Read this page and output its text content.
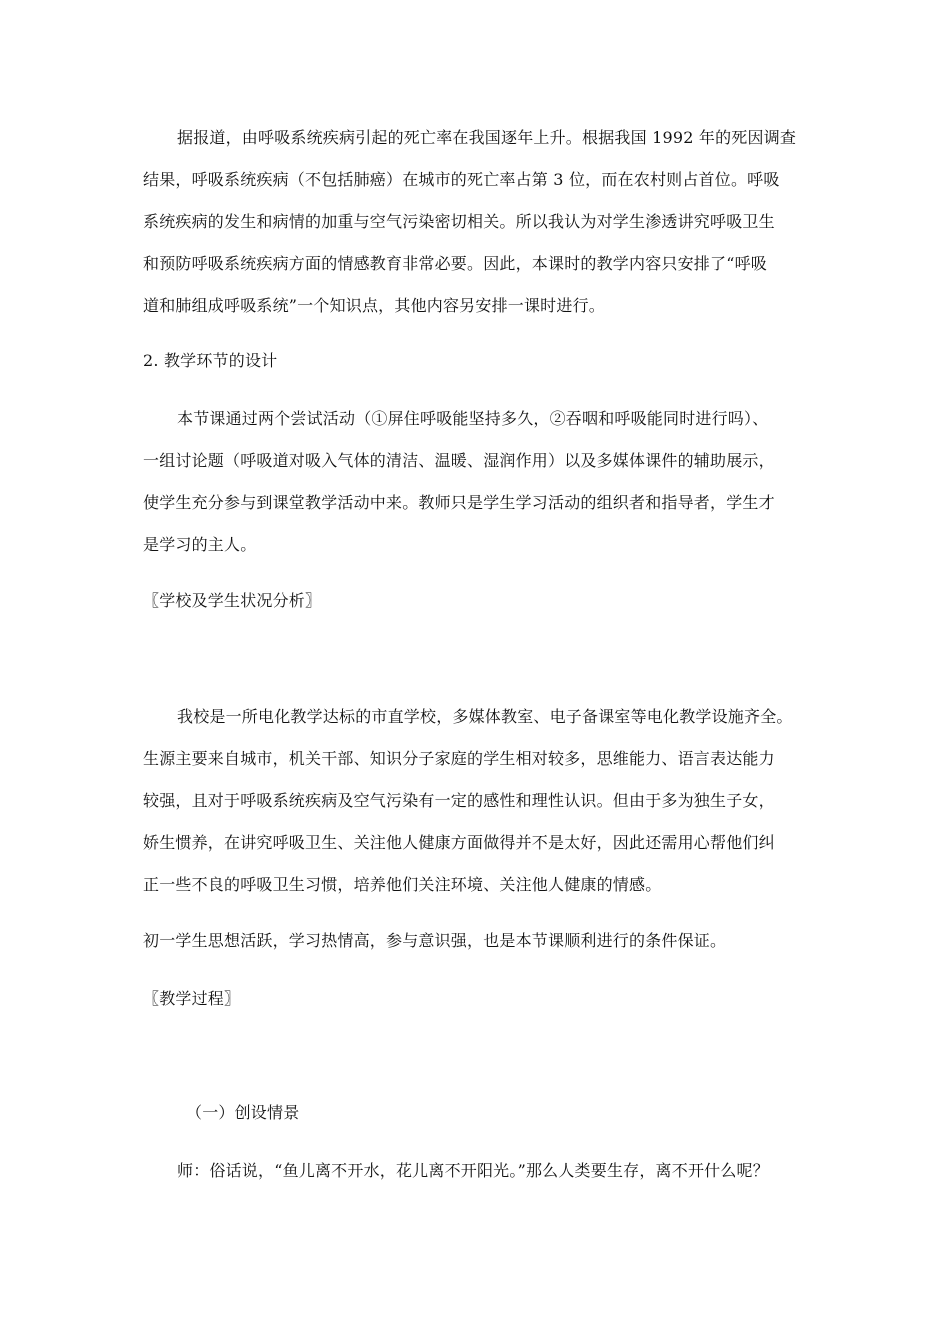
据报道，由呼吸系统疾病引起的死亡率在我国逐年上升。根据我国 1992 年的死因调查
结果，呼吸系统疾病（不包括肺癌）在城市的死亡率占第 3 位，而在农村则占首位。呼吸
系统疾病的发生和病情的加重与空气污染密切相关。所以我认为对学生渗透讲究呼吸卫生
和预防呼吸系统疾病方面的情感教育非常必要。因此，本课时的教学内容只安排了“呼吸
道和肺组成呼吸系统”一个知识点，其他内容另安排一课时进行。
2. 教学环节的设计
本节课通过两个尝试活动（①屏住呼吸能坚持多久，②吞咽和呼吸能同时进行吗）、
一组讨论题（呼吸道对吸入气体的清洁、温暖、湿润作用）以及多媒体课件的辅助展示，
使学生充分参与到课堂教学活动中来。教师只是学生学习活动的组织者和指导者，学生才
是学习的主人。
〖学校及学生状况分析〗
我校是一所电化教学达标的市直学校，多媒体教室、电子备课室等电化教学设施齐全。
生源主要来自城市，机关干部、知识分子家庭的学生相对较多，思维能力、语言表达能力
较强，且对于呼吸系统疾病及空气污染有一定的感性和理性认识。但由于多为独生子女，
娇生惯养，在讲究呼吸卫生、关注他人健康方面做得并不是太好，因此还需用心帮他们纠
正一些不良的呼吸卫生习惯，培养他们关注环境、关注他人健康的情感。
初一学生思想活跃，学习热情高，参与意识强，也是本节课顺利进行的条件保证。
〖教学过程〗
（一）创设情景
师：俗话说，“鱼儿离不开水，花儿离不开阳光。”那么人类要生存，离不开什么呢？
